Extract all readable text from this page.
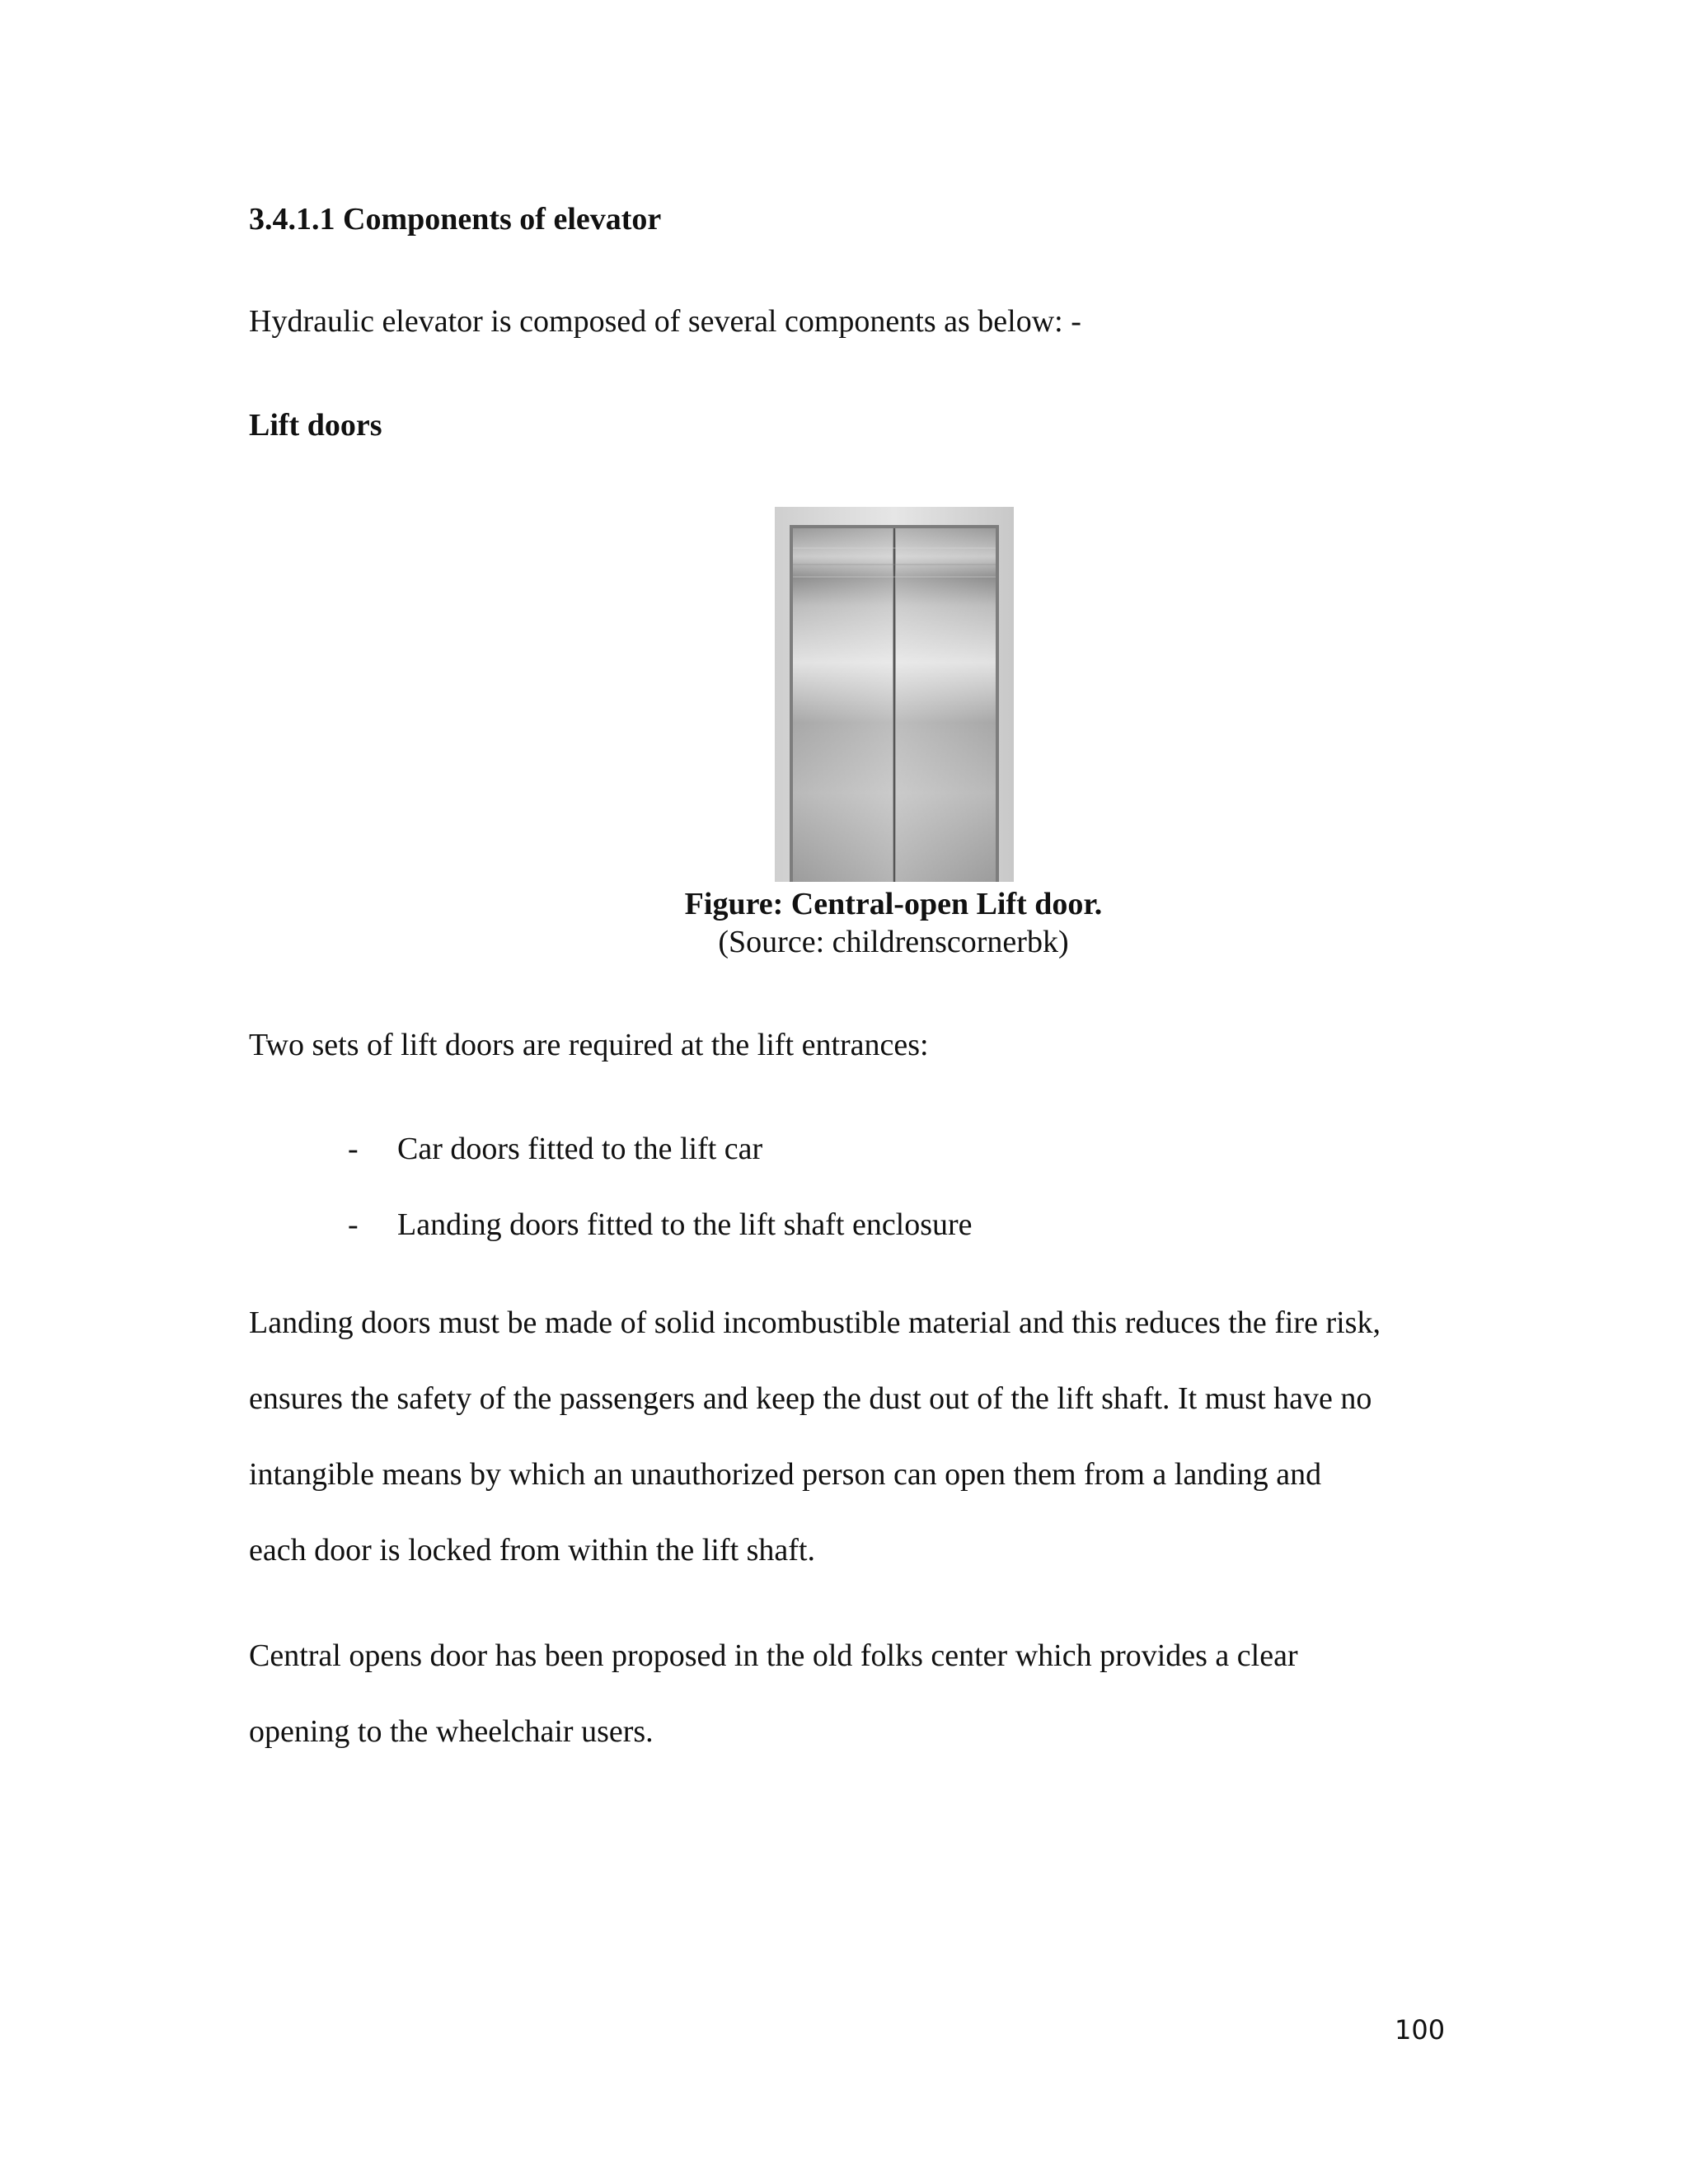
3.4.1.1 Components of elevator
Hydraulic elevator is composed of several components as below: -
Lift doors
Figure: Central-open Lift door.
(Source: childrenscornerbk)
Two sets of lift doors are required at the lift entrances:
- Car doors fitted to the lift car
- Landing doors fitted to the lift shaft enclosure
Landing doors must be made of solid incombustible material and this reduces the fire risk,
ensures the safety of the passengers and keep the dust out of the lift shaft. It must have no
intangible means by which an unauthorized person can open them from a landing and
each door is locked from within the lift shaft.
Central opens door has been proposed in the old folks center which provides a clear
opening to the wheelchair users.
100
